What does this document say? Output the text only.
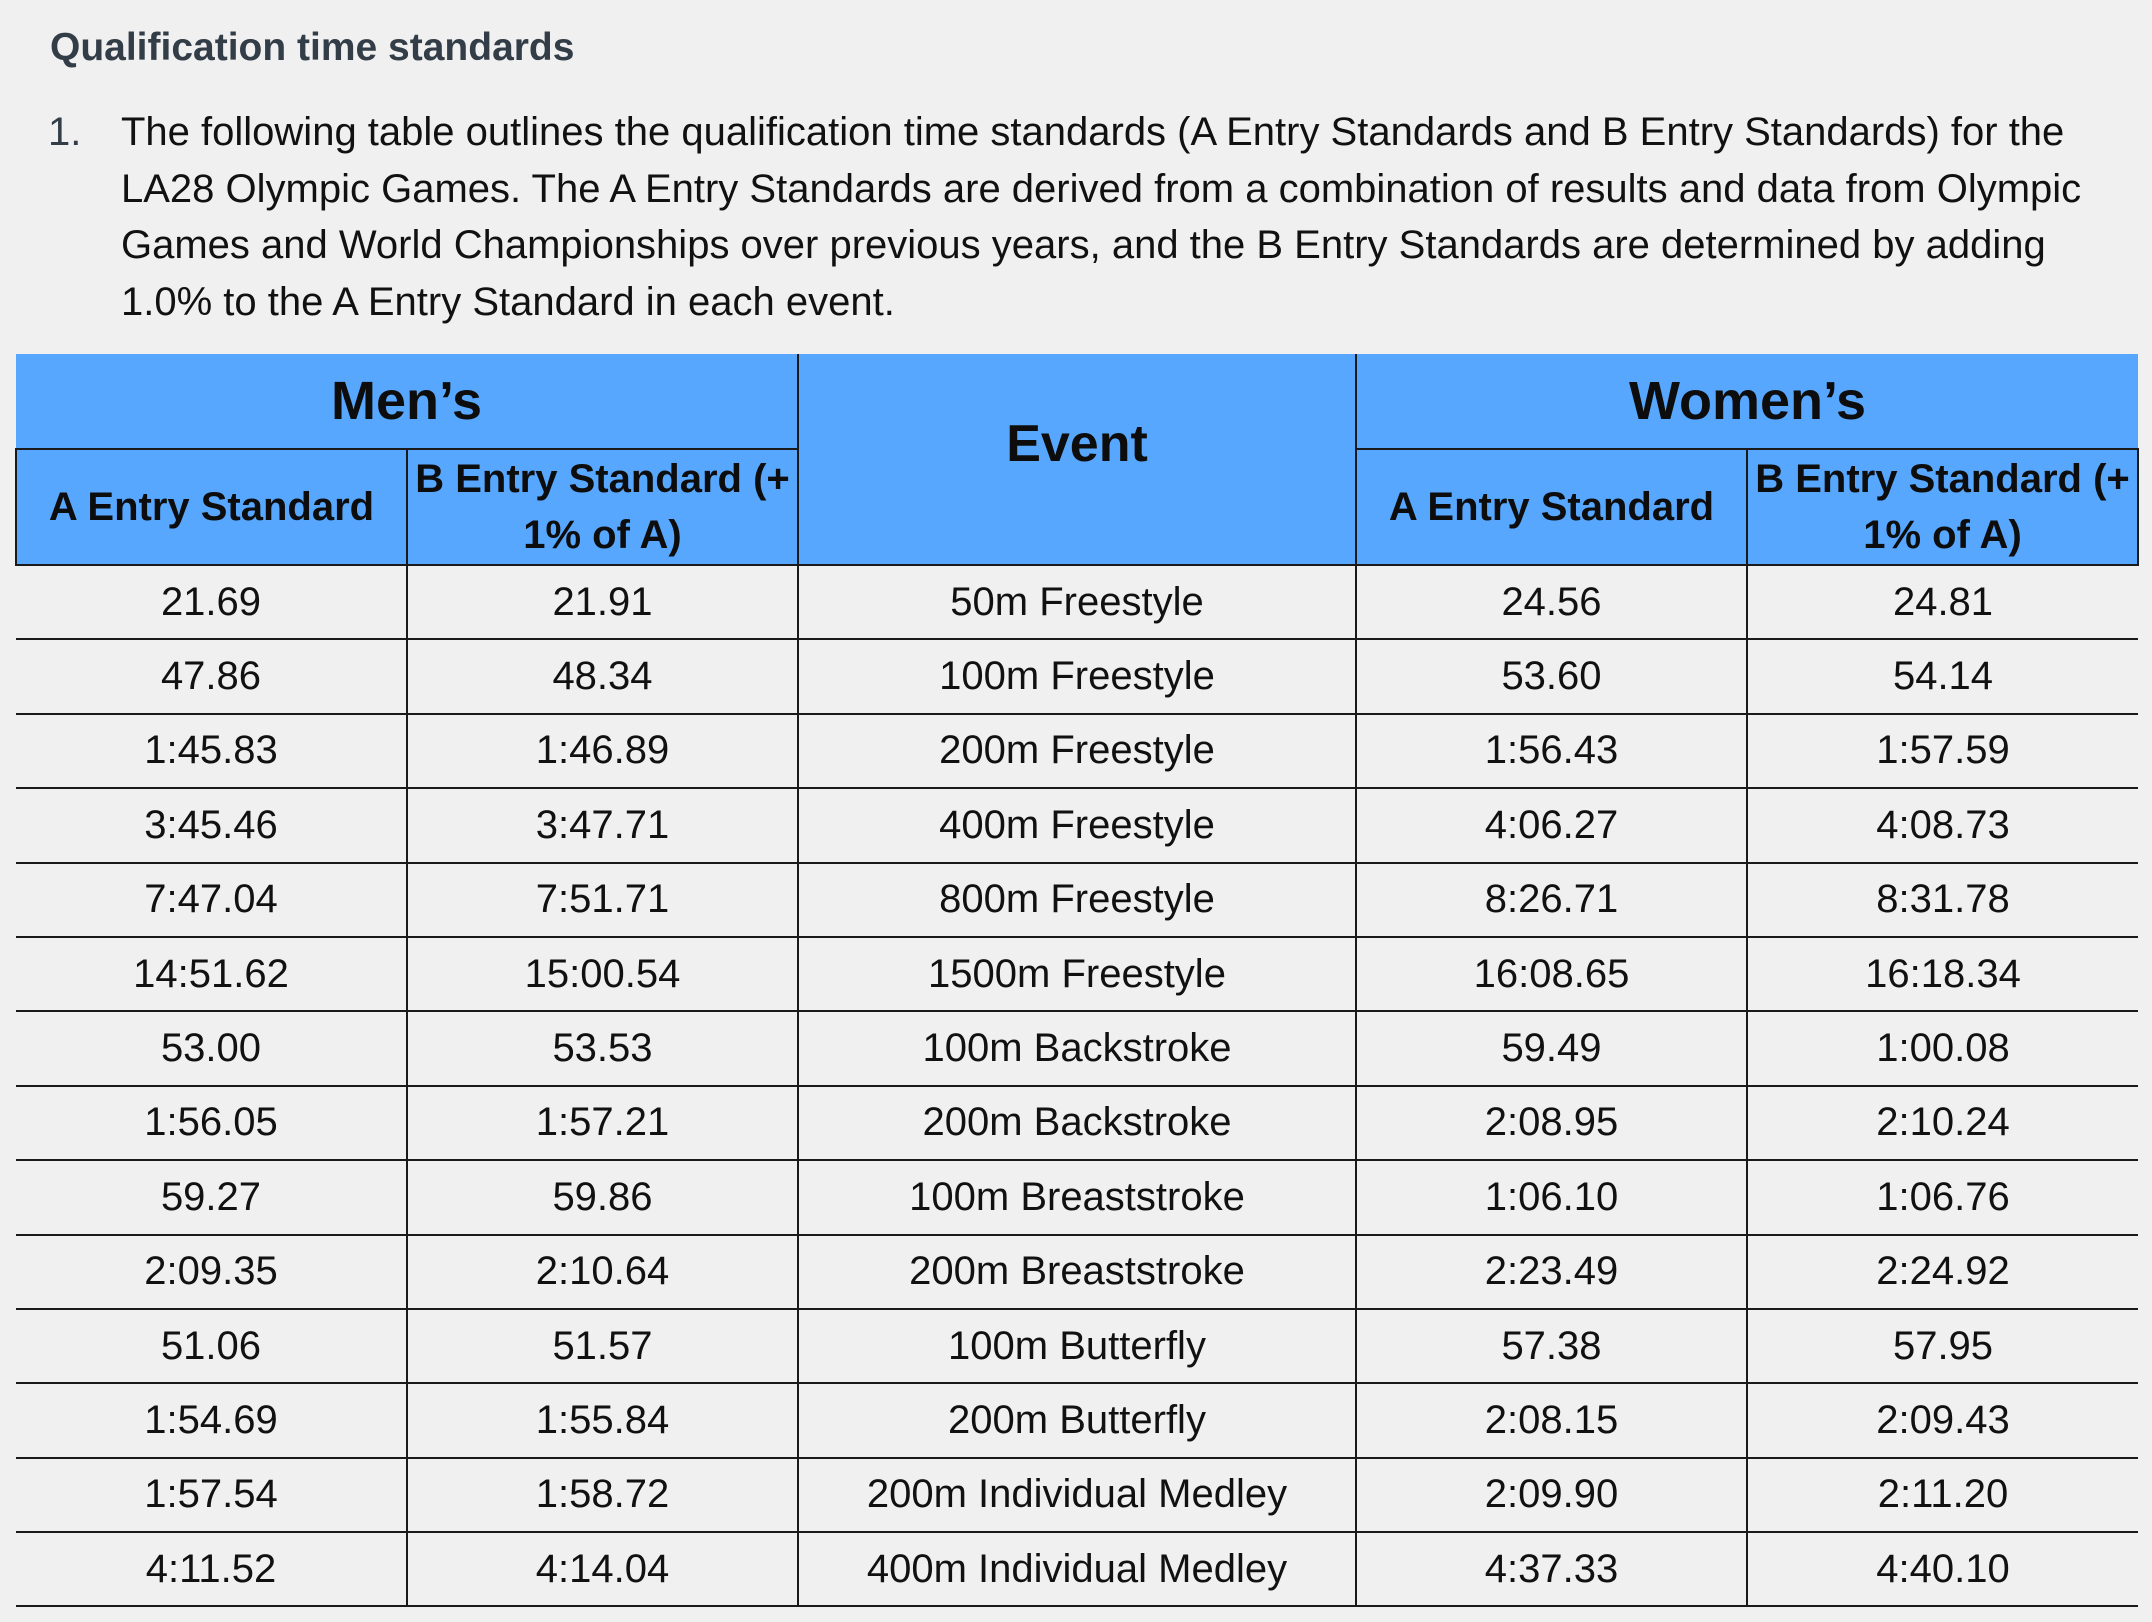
Qualification time standards
1. The following table outlines the qualification time standards (A Entry Standards and B Entry Standards) for the LA28 Olympic Games. The A Entry Standards are derived from a combination of results and data from Olympic Games and World Championships over previous years, and the B Entry Standards are determined by adding 1.0% to the A Entry Standard in each event.
Men’s		Event	Women’s	
A Entry Standard	B Entry Standard (+ 1% of A)		A Entry Standard	B Entry Standard (+ 1% of A)
21.69	21.91	50m Freestyle	24.56	24.81
47.86	48.34	100m Freestyle	53.60	54.14
1:45.83	1:46.89	200m Freestyle	1:56.43	1:57.59
3:45.46	3:47.71	400m Freestyle	4:06.27	4:08.73
7:47.04	7:51.71	800m Freestyle	8:26.71	8:31.78
14:51.62	15:00.54	1500m Freestyle	16:08.65	16:18.34
53.00	53.53	100m Backstroke	59.49	1:00.08
1:56.05	1:57.21	200m Backstroke	2:08.95	2:10.24
59.27	59.86	100m Breaststroke	1:06.10	1:06.76
2:09.35	2:10.64	200m Breaststroke	2:23.49	2:24.92
51.06	51.57	100m Butterfly	57.38	57.95
1:54.69	1:55.84	200m Butterfly	2:08.15	2:09.43
1:57.54	1:58.72	200m Individual Medley	2:09.90	2:11.20
4:11.52	4:14.04	400m Individual Medley	4:37.33	4:40.10
